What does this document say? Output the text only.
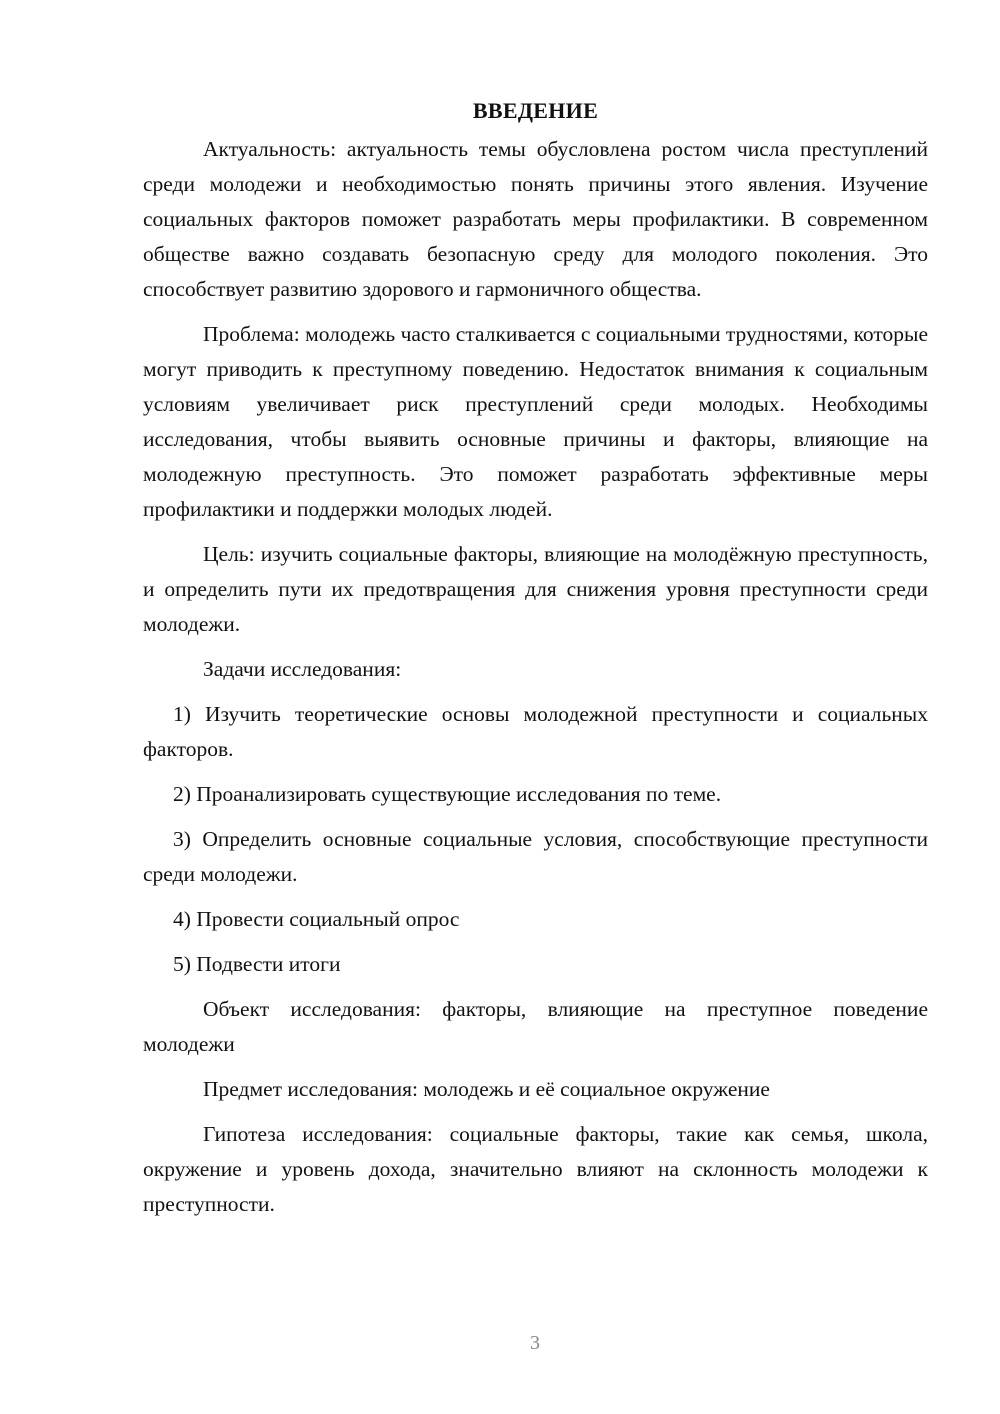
ВВЕДЕНИЕ

Актуальность: актуальность темы обусловлена ростом числа преступлений среди молодежи и необходимостью понять причины этого явления. Изучение социальных факторов поможет разработать меры профилактики. В современном обществе важно создавать безопасную среду для молодого поколения. Это способствует развитию здорового и гармоничного общества.

Проблема: молодежь часто сталкивается с социальными трудностями, которые могут приводить к преступному поведению. Недостаток внимания к социальным условиям увеличивает риск преступлений среди молодых. Необходимы исследования, чтобы выявить основные причины и факторы, влияющие на молодежную преступность. Это поможет разработать эффективные меры профилактики и поддержки молодых людей.

Цель: изучить социальные факторы, влияющие на молодёжную преступность, и определить пути их предотвращения для снижения уровня преступности среди молодежи.

Задачи исследования:

1) Изучить теоретические основы молодежной преступности и социальных факторов.

2) Проанализировать существующие исследования по теме.

3) Определить основные социальные условия, способствующие преступности среди молодежи.

4) Провести социальный опрос

5) Подвести итоги

Объект исследования: факторы, влияющие на преступное поведение молодежи

Предмет исследования: молодежь и её социальное окружение

Гипотеза исследования: социальные факторы, такие как семья, школа, окружение и уровень дохода, значительно влияют на склонность молодежи к преступности.

3
